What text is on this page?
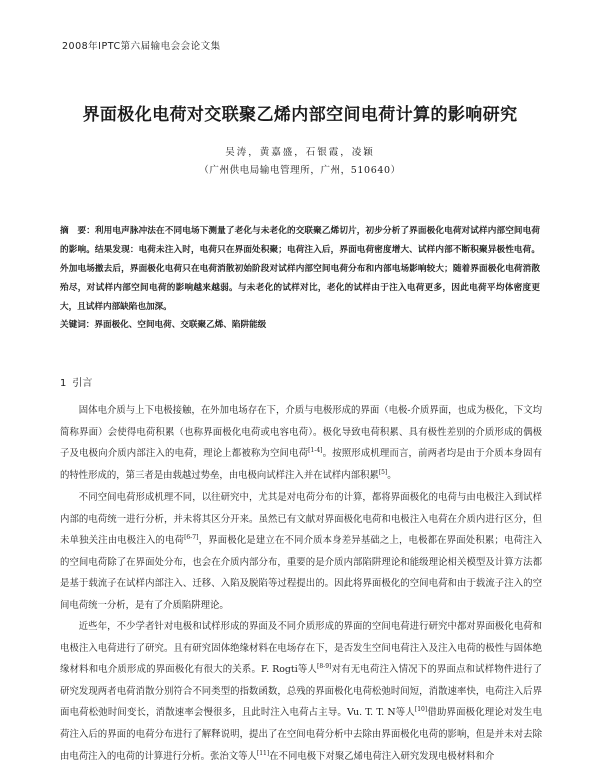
2008年IPTC第六届输电会会论文集
界面极化电荷对交联聚乙烯内部空间电荷计算的影响研究
吴涛，黄嘉盛，石银霞，凌颖
（广州供电局输电管理所，广州，510640）
摘　要：利用电声脉冲法在不同电场下测量了老化与未老化的交联聚乙烯切片，初步分析了界面极化电荷对试样内部空间电荷的影响。结果发现：电荷未注入时，电荷只在界面处积聚；电荷注入后，界面电荷密度增大、试样内部不断积聚异极性电荷。外加电场撤去后，界面极化电荷只在电荷消散初始阶段对试样内部空间电荷分布和内部电场影响较大；随着界面极化电荷消散殆尽，对试样内部空间电荷的影响越来越弱。与未老化的试样对比，老化的试样由于注入电荷更多，因此电荷平均体密度更大，且试样内部缺陷也加深。
关键词：界面极化、空间电荷、交联聚乙烯、陷阱能级
1 引言
固体电介质与上下电极接触，在外加电场存在下，介质与电极形成的界面（电极-介质界面，也成为极化，下文均简称界面）会使得电荷积累（也称界面极化电荷或电容电荷）。极化导致电荷积累、具有极性差别的介质形成的偶极子及电极向介质内部注入的电荷，理论上都被称为空间电荷[1-4]。按照形成机理而言，前两者均是由于介质本身固有的特性形成的，第三者是由载越过势垒，由电极向试样注入并在试样内部积累[5]。
不同空间电荷形成机理不同，以往研究中，尤其是对电荷分布的计算，都将界面极化的电荷与由电极注入到试样内部的电荷统一进行分析，并未将其区分开来。虽然已有文献对界面极化电荷和电极注入电荷在介质内进行区分，但未单独关注由电极注入的电荷[6-7]，界面极化是建立在不同介质本身差异基础之上，电极都在界面处积累；电荷注入的空间电荷除了在界面处分布，也会在介质内部分布，重要的是介质内部陷阱理论和能级理论相关模型及计算方法都是基于载流子在试样内部注入、迁移、入陷及脱陷等过程提出的。因此将界面极化的空间电荷和由于载流子注入的空间电荷统一分析，是有了介质陷阱理论。
近些年，不少学者针对电极和试样形成的界面及不同介质形成的界面的空间电荷进行研究中都对界面极化电荷和电极注入电荷进行了研究。且有研究固体绝缘材料在电场存在下，是否发生空间电荷注入及注入电荷的极性与固体绝缘材料和电介质形成的界面极化有很大的关系。F. Rogti等人[8-9]对有无电荷注入情况下的界面点和试样物件进行了研究发现两者电荷消散分别符合不同类型的指数函数，总残的界面极化电荷松弛时间短，消散速率快，电荷注入后界面电荷松弛时间变长，消散速率会慢很多，且此时注入电荷占主导。Vu. T. T. N等人[10]借助界面极化理论对发生电荷注入后的界面的电荷分布进行了解释说明，提出了在空间电荷分析中去除由界面极化电荷的影响，但是并未对去除由电荷注入的电荷的计算进行分析。张治文等人[11]在不同电极下对聚乙烯电荷注入研究发现电极材料和介
